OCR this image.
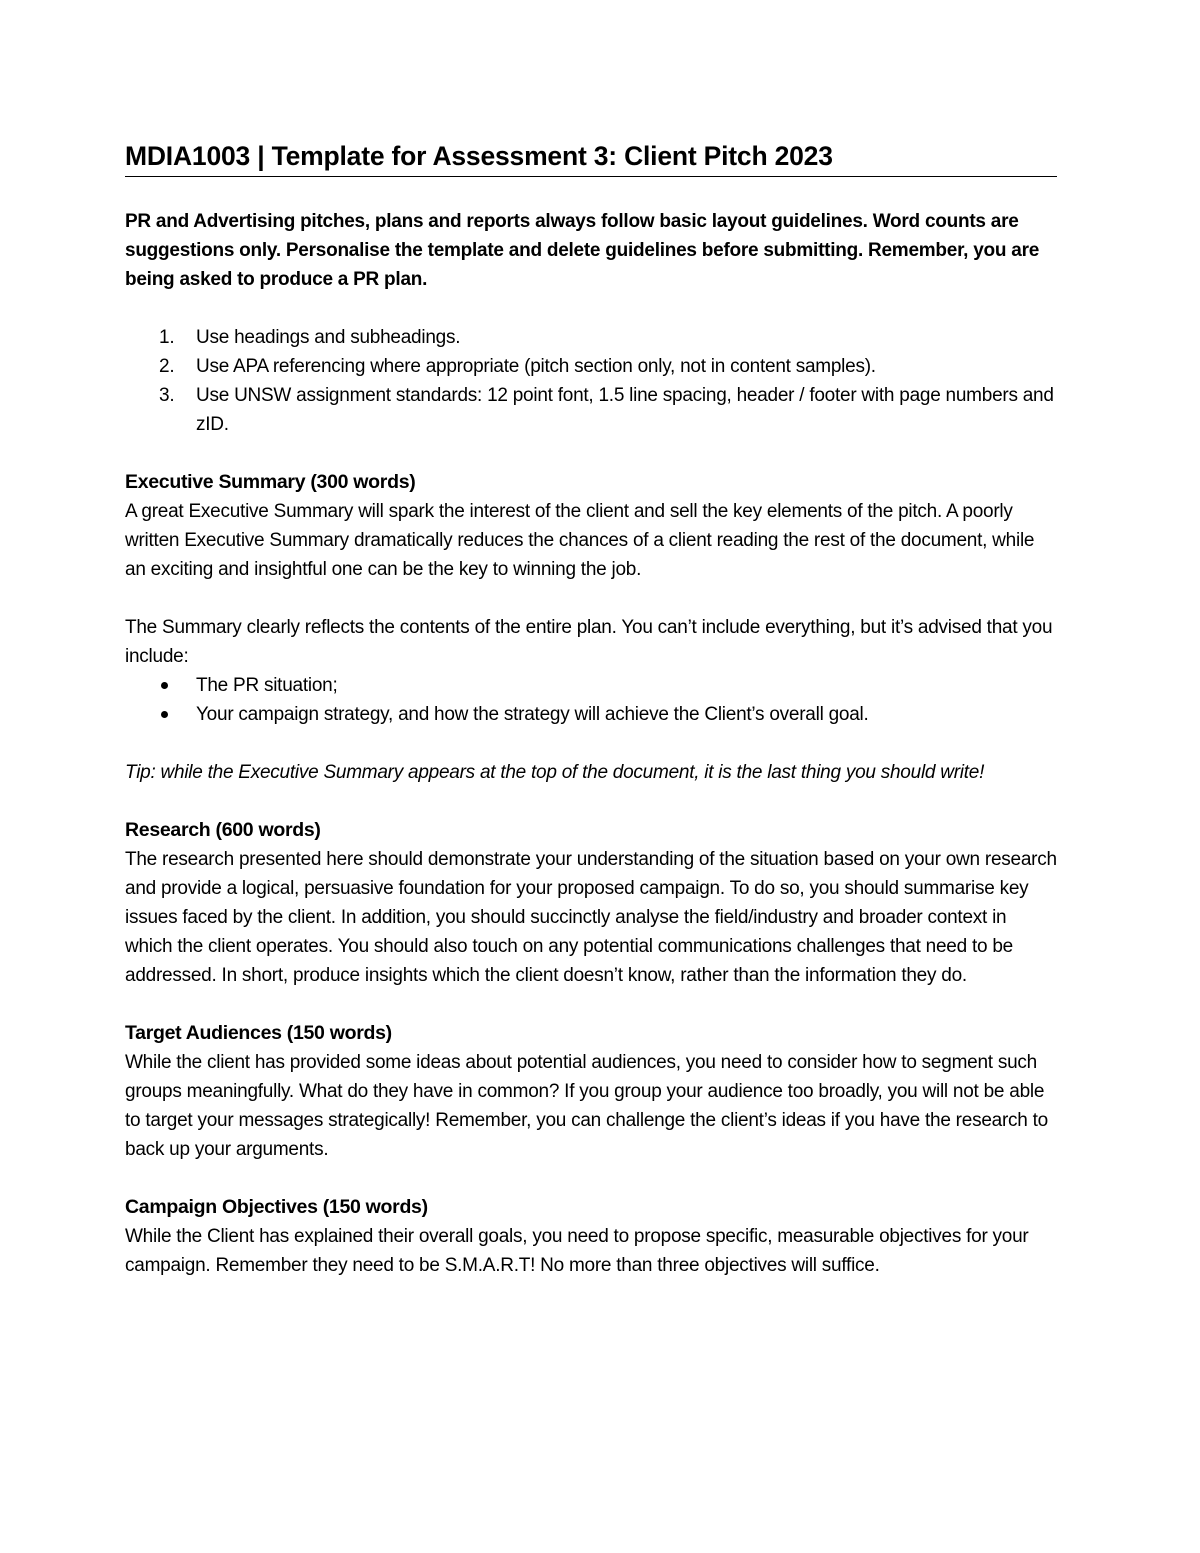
MDIA1003 | Template for Assessment 3: Client Pitch 2023
PR and Advertising pitches, plans and reports always follow basic layout guidelines. Word counts are suggestions only. Personalise the template and delete guidelines before submitting. Remember, you are being asked to produce a PR plan.
1. Use headings and subheadings.
2. Use APA referencing where appropriate (pitch section only, not in content samples).
3. Use UNSW assignment standards: 12 point font, 1.5 line spacing, header / footer with page numbers and zID.
Executive Summary (300 words)
A great Executive Summary will spark the interest of the client and sell the key elements of the pitch. A poorly written Executive Summary dramatically reduces the chances of a client reading the rest of the document, while an exciting and insightful one can be the key to winning the job.
The Summary clearly reflects the contents of the entire plan. You can’t include everything, but it’s advised that you include:
The PR situation;
Your campaign strategy, and how the strategy will achieve the Client’s overall goal.
Tip: while the Executive Summary appears at the top of the document, it is the last thing you should write!
Research (600 words)
The research presented here should demonstrate your understanding of the situation based on your own research and provide a logical, persuasive foundation for your proposed campaign. To do so, you should summarise key issues faced by the client. In addition, you should succinctly analyse the field/industry and broader context in which the client operates. You should also touch on any potential communications challenges that need to be addressed. In short, produce insights which the client doesn’t know, rather than the information they do.
Target Audiences (150 words)
While the client has provided some ideas about potential audiences, you need to consider how to segment such groups meaningfully. What do they have in common? If you group your audience too broadly, you will not be able to target your messages strategically! Remember, you can challenge the client’s ideas if you have the research to back up your arguments.
Campaign Objectives (150 words)
While the Client has explained their overall goals, you need to propose specific, measurable objectives for your campaign. Remember they need to be S.M.A.R.T! No more than three objectives will suffice.
